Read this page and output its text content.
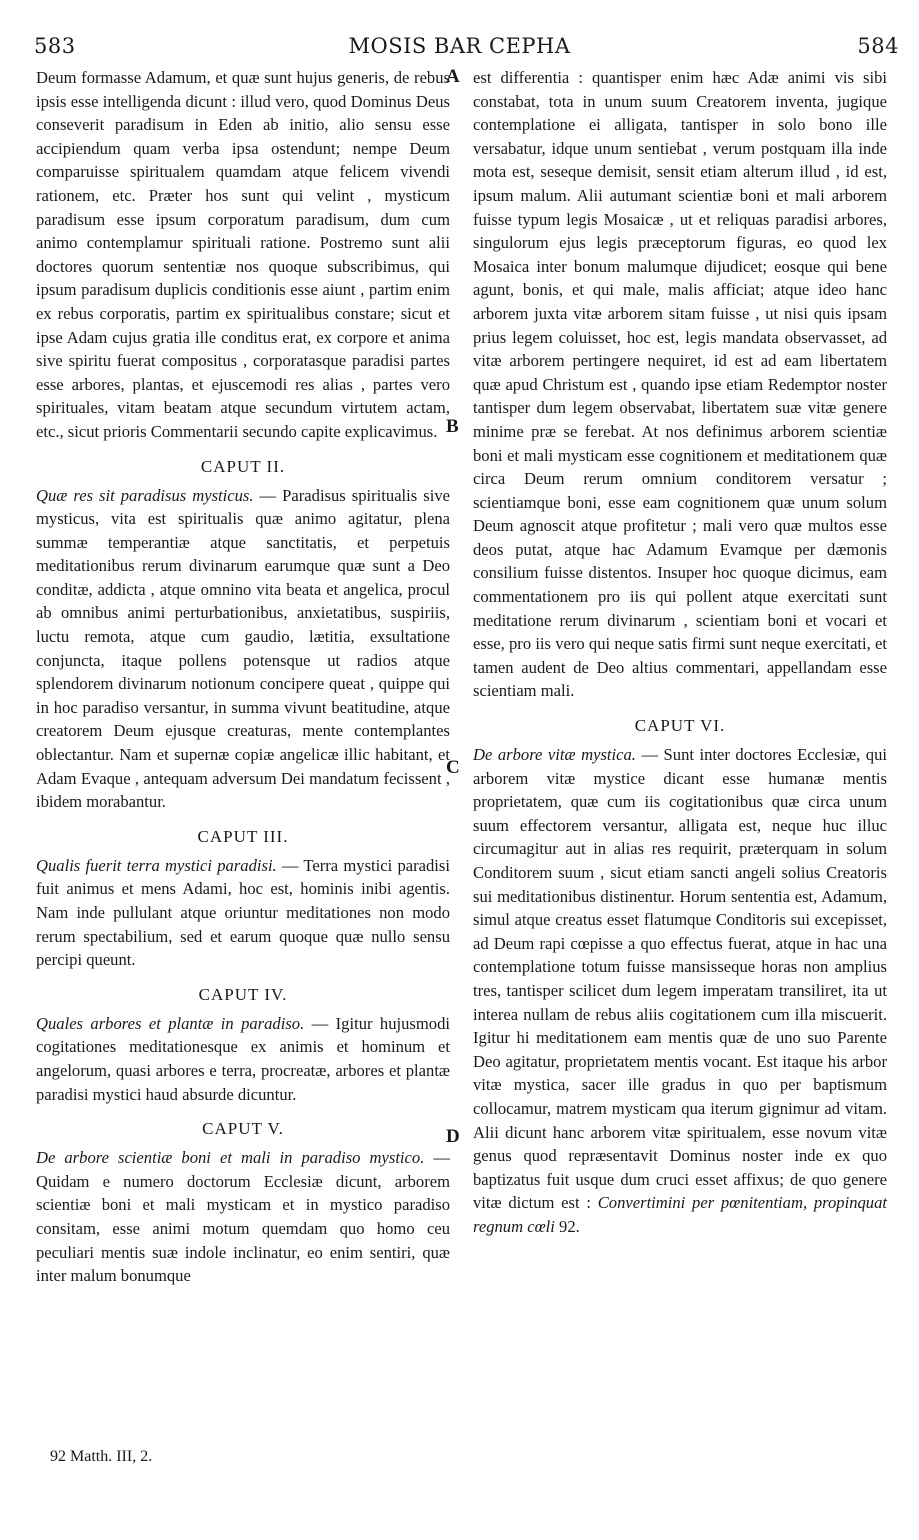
583	MOSIS BAR CEPHA	584
A
B
C
D

Deum formasse Adamum, et quæ sunt hujus generis, de rebus ipsis esse intelligenda dicunt : illud vero, quod Dominus Deus conseverit paradisum in Eden ab initio, alio sensu esse accipiendum quam verba ipsa ostendunt; nempe Deum comparuisse spiritualem quamdam atque felicem vivendi rationem, etc. Præter hos sunt qui velint , mysticum paradisum esse ipsum corporatum paradisum, dum cum animo contemplamur spirituali ratione. Postremo sunt alii doctores quorum sententiæ nos quoque subscribimus, qui ipsum paradisum duplicis conditionis esse aiunt , partim enim ex rebus corporatis, partim ex spiritualibus constare; sicut et ipse Adam cujus gratia ille conditus erat, ex corpore et anima sive spiritu fuerat compositus , corporatasque paradisi partes esse arbores, plantas, et ejuscemodi res alias , partes vero spirituales, vitam beatam atque secundum virtutem actam, etc., sicut prioris Commentarii secundo capite explicavimus.

CAPUT II.

Quæ res sit paradisus mysticus. — Paradisus spiritualis sive mysticus, vita est spiritualis quæ animo agitatur, plena summæ temperantiæ atque sanctitatis, et perpetuis meditationibus rerum divinarum earumque quæ sunt a Deo conditæ, addicta , atque omnino vita beata et angelica, procul ab omnibus animi perturbationibus, anxietatibus, suspiriis, luctu remota, atque cum gaudio, lætitia, exsultatione conjuncta, itaque pollens potensque ut radios atque splendorem divinarum notionum concipere queat , quippe qui in hoc paradiso versantur, in summa vivunt beatitudine, atque creatorem Deum ejusque creaturas, mente contemplantes oblectantur. Nam et supernæ copiæ angelicæ illic habitant, et Adam Evaque , antequam adversum Dei mandatum fecissent , ibidem morabantur.

CAPUT III.

Qualis fuerit terra mystici paradisi. — Terra mystici paradisi fuit animus et mens Adami, hoc est, hominis inibi agentis. Nam inde pullulant atque oriuntur meditationes non modo rerum spectabilium, sed et earum quoque quæ nullo sensu percipi queunt.

CAPUT IV.

Quales arbores et plantæ in paradiso. — Igitur hujusmodi cogitationes meditationesque ex animis et hominum et angelorum, quasi arbores e terra, procreatæ, arbores et plantæ paradisi mystici haud absurde dicuntur.

CAPUT V.

De arbore scientiæ boni et mali in paradiso mystico. — Quidam e numero doctorum Ecclesiæ dicunt, arborem scientiæ boni et mali mysticam et in mystico paradiso consitam, esse animi motum quemdam quo homo ceu peculiari mentis suæ indole inclinatur, eo enim sentiri, quæ inter malum bonumque

est differentia : quantisper enim hæc Adæ animi vis sibi constabat, tota in unum suum Creatorem inventa, jugique contemplatione ei alligata, tantisper in solo bono ille versabatur, idque unum sentiebat , verum postquam illa inde mota est, seseque demisit, sensit etiam alterum illud , id est, ipsum malum. Alii autumant scientiæ boni et mali arborem fuisse typum legis Mosaicæ , ut et reliquas paradisi arbores, singulorum ejus legis præceptorum figuras, eo quod lex Mosaica inter bonum malumque dijudicet; eosque qui bene agunt, bonis, et qui male, malis afficiat; atque ideo hanc arborem juxta vitæ arborem sitam fuisse , ut nisi quis ipsam prius legem coluisset, hoc est, legis mandata observasset, ad vitæ arborem pertingere nequiret, id est ad eam libertatem quæ apud Christum est , quando ipse etiam Redemptor noster tantisper dum legem observabat, libertatem suæ vitæ genere minime præ se ferebat. At nos definimus arborem scientiæ boni et mali mysticam esse cognitionem et meditationem quæ circa Deum rerum omnium conditorem versatur ; scientiamque boni, esse eam cognitionem quæ unum solum Deum agnoscit atque profitetur ; mali vero quæ multos esse deos putat, atque hac Adamum Evamque per dæmonis consilium fuisse distentos. Insuper hoc quoque dicimus, eam commentationem pro iis qui pollent atque exercitati sunt meditatione rerum divinarum , scientiam boni et vocari et esse, pro iis vero qui neque satis firmi sunt neque exercitati, et tamen audent de Deo altius commentari, appellandam esse scientiam mali.

CAPUT VI.

De arbore vitæ mystica. — Sunt inter doctores Ecclesiæ, qui arborem vitæ mystice dicant esse humanæ mentis proprietatem, quæ cum iis cogitationibus quæ circa unum suum effectorem versantur, alligata est, neque huc illuc circumagitur aut in alias res requirit, præterquam in solum Conditorem suum , sicut etiam sancti angeli solius Creatoris sui meditationibus distinentur. Horum sententia est, Adamum, simul atque creatus esset flatumque Conditoris sui excepisset, ad Deum rapi cœpisse a quo effectus fuerat, atque in hac una contemplatione totum fuisse mansisseque horas non amplius tres, tantisper scilicet dum legem imperatam transiliret, ita ut interea nullam de rebus aliis cogitationem cum illa miscuerit. Igitur hi meditationem eam mentis quæ de uno suo Parente Deo agitatur, proprietatem mentis vocant. Est itaque his arbor vitæ mystica, sacer ille gradus in quo per baptismum collocamur, matrem mysticam qua iterum gignimur ad vitam. Alii dicunt hanc arborem vitæ spiritualem, esse novum vitæ genus quod repræsentavit Dominus noster inde ex quo baptizatus fuit usque dum cruci esset affixus; de quo genere vitæ dictum est : Convertimini per pœnitentiam, propinquat regnum cœli 92.

92 Matth. III, 2.
